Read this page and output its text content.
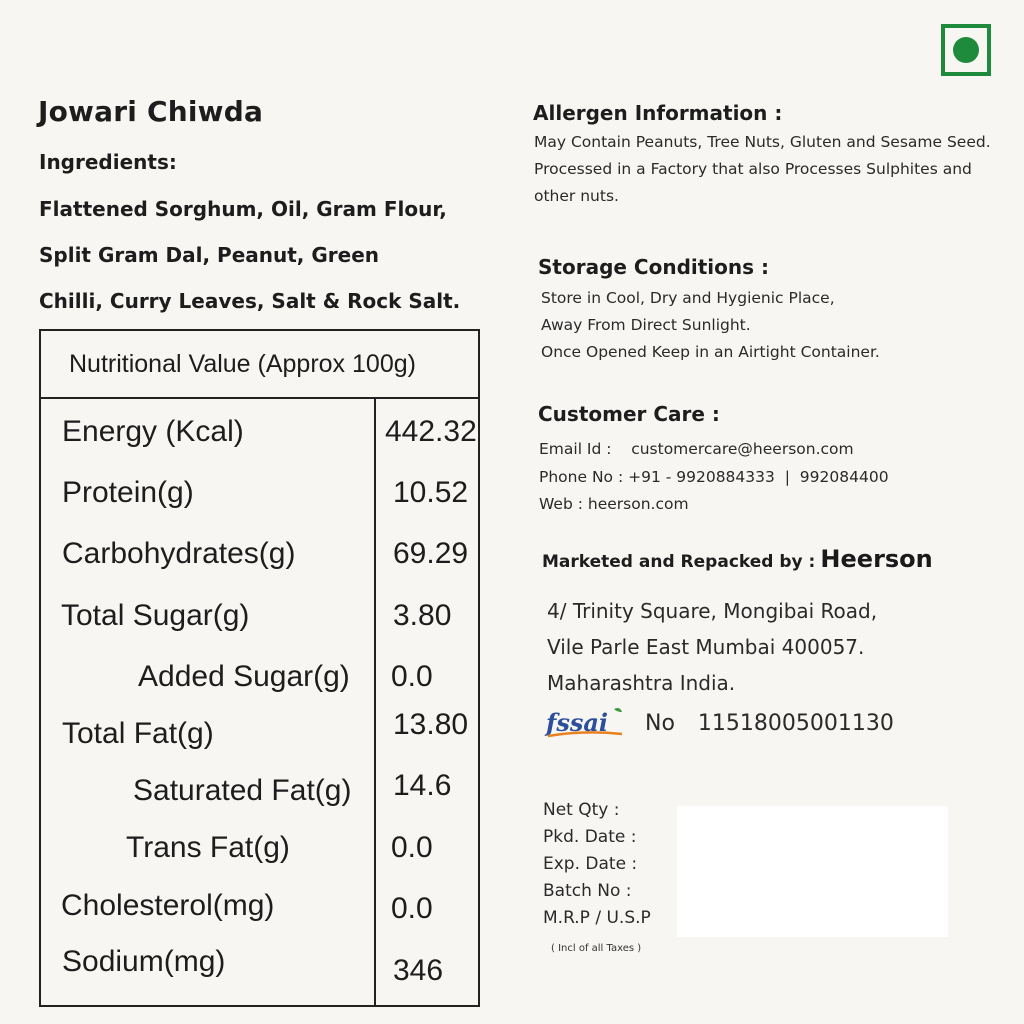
Jowari Chiwda
Ingredients:
Flattened Sorghum, Oil, Gram Flour,
Split Gram Dal, Peanut, Green
Chilli, Curry Leaves, Salt & Rock Salt.
Nutritional Value (Approx 100g)
Energy (Kcal)	442.32
Protein(g)	10.52
Carbohydrates(g)	69.29
Total Sugar(g)	3.80
Added Sugar(g) 0.0
Total Fat(g)	13.80
Saturated Fat(g) 14.6
Trans Fat(g)	0.0
Cholesterol(mg)	0.0
Sodium(mg)	346
Allergen Information :
May Contain Peanuts, Tree Nuts, Gluten and Sesame Seed.
Processed in a Factory that also Processes Sulphites and
other nuts.
Storage Conditions :
Store in Cool, Dry and Hygienic Place,
Away From Direct Sunlight.
Once Opened Keep in an Airtight Container.
Customer Care :
Email Id :    customercare@heerson.com
Phone No : +91 - 9920884333  |  992084400
Web : heerson.com
Marketed and Repacked by : Heerson
4/ Trinity Square, Mongibai Road,
Vile Parle East Mumbai 400057.
Maharashtra India.
fssai No 11518005001130
Net Qty :
Pkd. Date :
Exp. Date :
Batch No :
M.R.P / U.S.P
( Incl of all Taxes )
